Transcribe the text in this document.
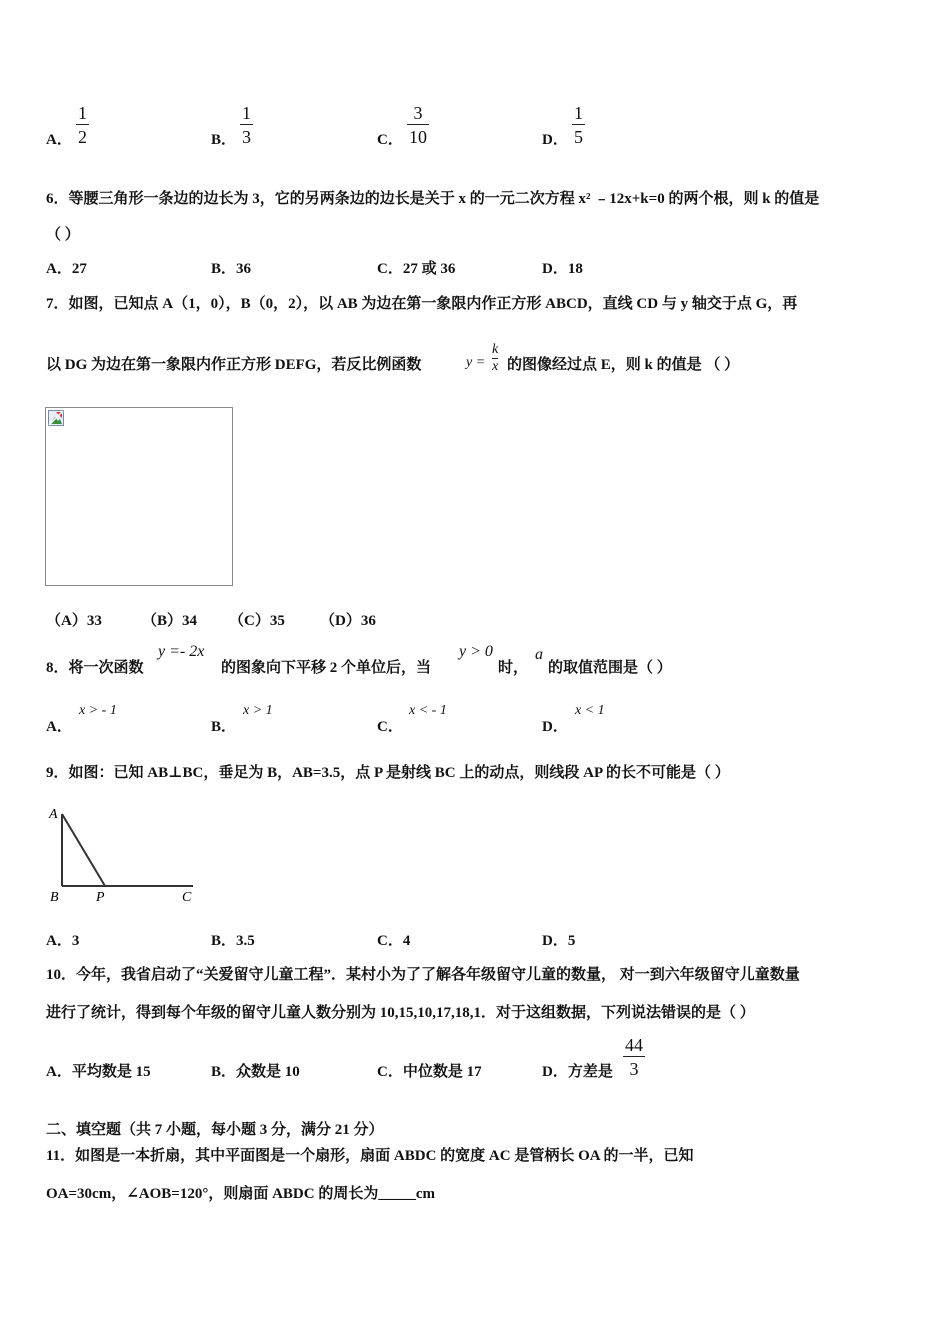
A．
1
2	B．
1
3	C．
3
10	D．
1
5
6．等腰三角形一条边的边长为 3，它的另两条边的边长是关于 x 的一元二次方程 x² ﹣12x+k=0 的两个根，则 k 的值是
（ ）
A．27	B．36	C．27 或 36	D．18
7．如图，已知点 A（1，0），B（0，2），以 AB 为边在第一象限内作正方形 ABCD，直线 CD 与 y 轴交于点 G，再
以 DG 为边在第一象限内作正方形 DEFG，若反比例函数	y =
k
x 的图像经过点 E，则 k 的值是 （ ）
（A）33	（B）34 （C）35 （D）36
8．将一次函数
y =- 2x
的图象向下平移 2 个单位后，当
y > 0
时，
a
的取值范围是（ ）
A．
x > - 1
B．
x > 1
C．
x < - 1
D．
x < 1
9．如图：已知 AB⊥BC，垂足为 B，AB=3.5，点 P 是射线 BC 上的动点，则线段 AP 的长不可能是（ ）
A
B	P	C
A．3	B．3.5	C．4	D．5
10．今年，我省启动了“关爱留守儿童工程”．某村小为了了解各年级留守儿童的数量， 对一到六年级留守儿童数量
进行了统计，得到每个年级的留守儿童人数分别为 10,15,10,17,18,1．对于这组数据，下列说法错误的是（ ）
A．平均数是 15	B．众数是 10	C．中位数是 17	D．方差是
44
3
二、填空题（共 7 小题，每小题 3 分，满分 21 分）
11．如图是一本折扇，其中平面图是一个扇形，扇面 ABDC 的宽度 AC 是管柄长 OA 的一半，已知
OA=30cm，∠AOB=120°，则扇面 ABDC 的周长为_____cm
